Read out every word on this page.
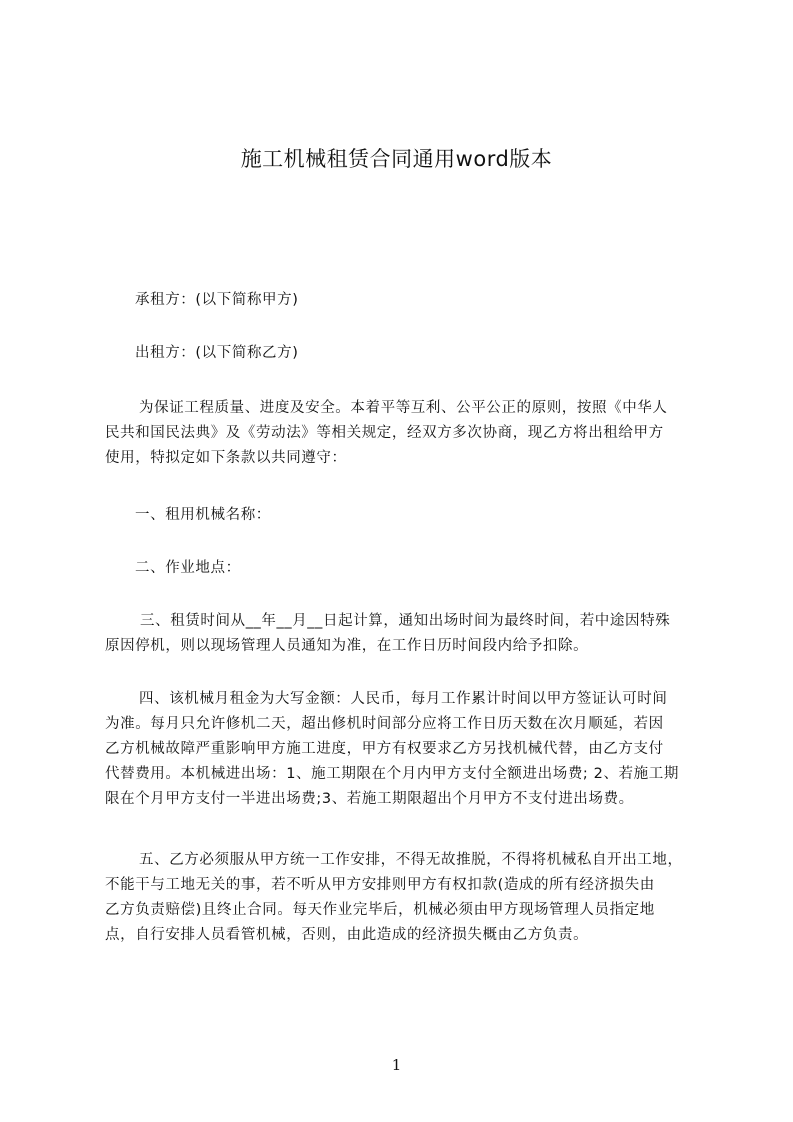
施工机械租赁合同通用word版本
承租方：(以下简称甲方)
出租方：(以下简称乙方)
为保证工程质量、进度及安全。本着平等互利、公平公正的原则，按照《中华人
民共和国民法典》及《劳动法》等相关规定，经双方多次协商，现乙方将出租给甲方
使用，特拟定如下条款以共同遵守：
一、租用机械名称：
二、作业地点：
三、租赁时间从__年__月__日起计算，通知出场时间为最终时间，若中途因特殊
原因停机，则以现场管理人员通知为准，在工作日历时间段内给予扣除。
四、该机械月租金为大写金额：人民币，每月工作累计时间以甲方签证认可时间
为准。每月只允许修机二天，超出修机时间部分应将工作日历天数在次月顺延，若因
乙方机械故障严重影响甲方施工进度，甲方有权要求乙方另找机械代替，由乙方支付
代替费用。本机械进出场：1、施工期限在个月内甲方支付全额进出场费; 2、若施工期
限在个月甲方支付一半进出场费;3、若施工期限超出个月甲方不支付进出场费。
五、乙方必须服从甲方统一工作安排，不得无故推脱，不得将机械私自开出工地，
不能干与工地无关的事，若不听从甲方安排则甲方有权扣款(造成的所有经济损失由
乙方负责赔偿)且终止合同。每天作业完毕后，机械必须由甲方现场管理人员指定地
点，自行安排人员看管机械，否则，由此造成的经济损失概由乙方负责。
1
